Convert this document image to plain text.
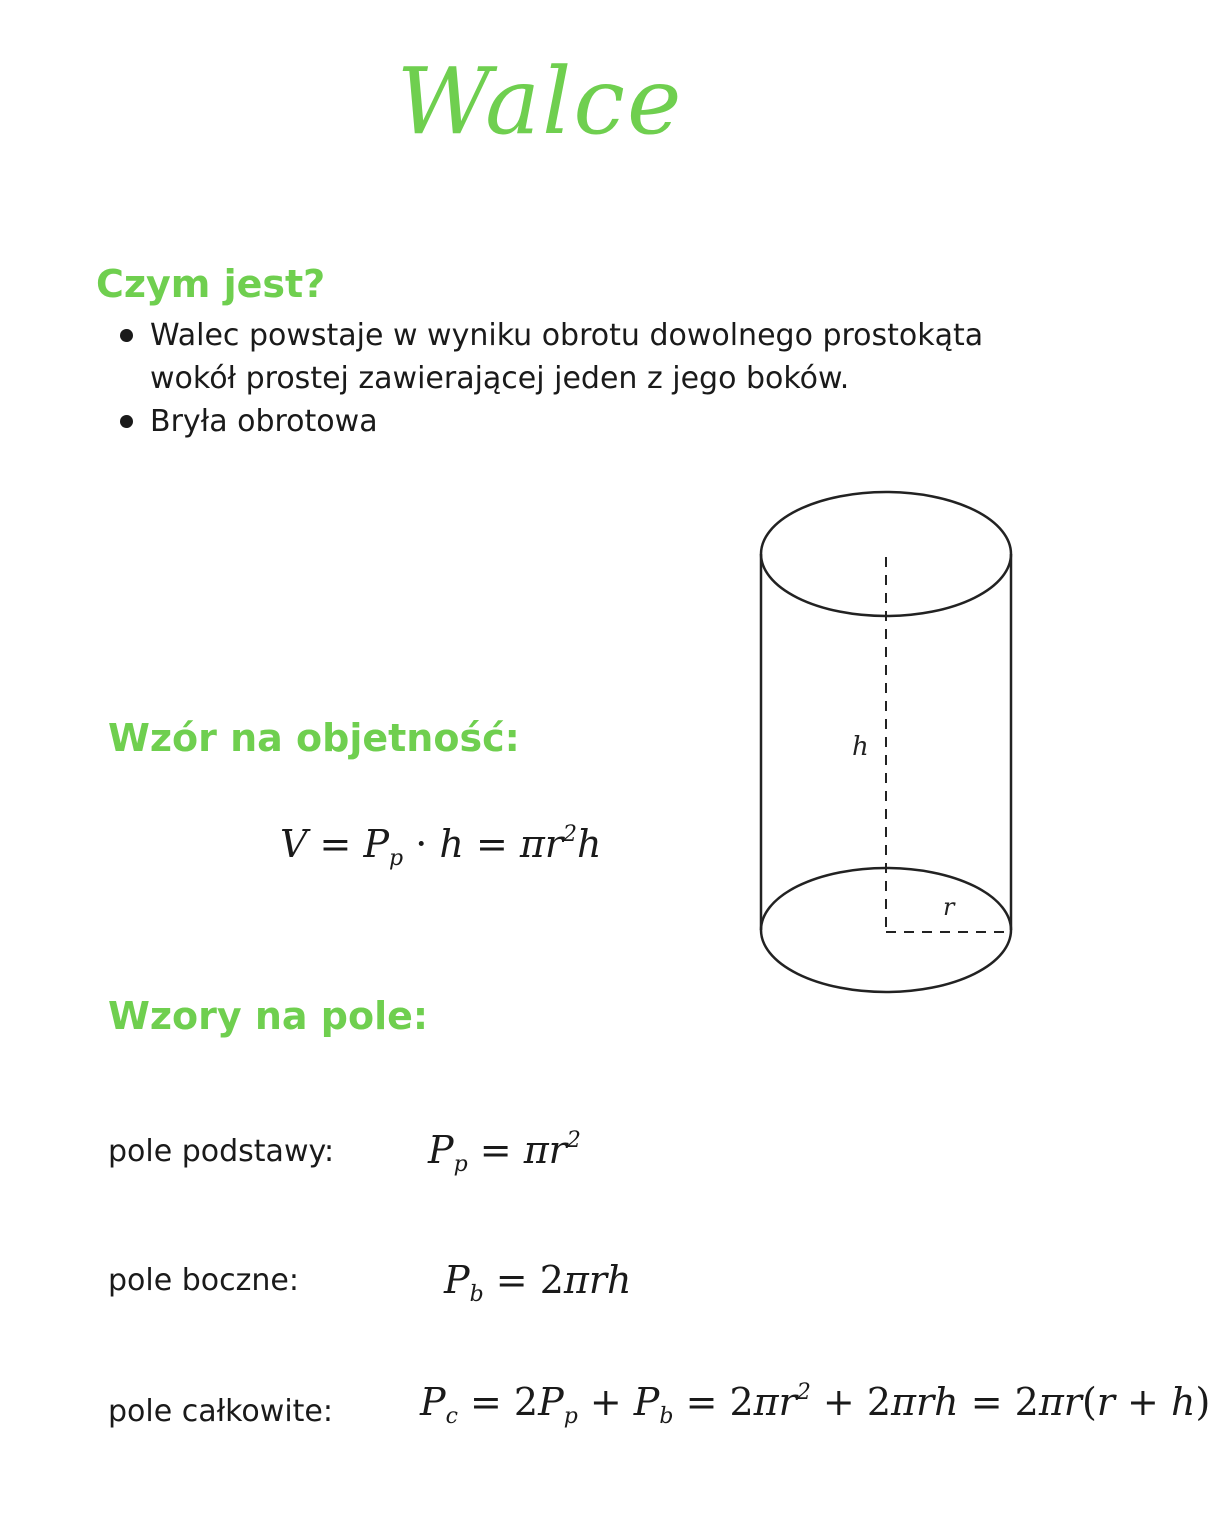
Walce
Czym jest?
Walec powstaje w wyniku obrotu dowolnego prostokąta wokół prostej zawierającej jeden z jego boków.
Bryła obrotowa
Wzór na objetność:
$V = P_p \cdot h = \pi r^2h$
Wzory na pole:
pole podstawy: $P_p = \pi r^2$
pole boczne:	$P_b = 2\pi rh$
pole całkowite: $P_c = 2P_p + P_b = 2\pi r^2 + 2\pi rh = 2\pi r(r + h)$
h
r
